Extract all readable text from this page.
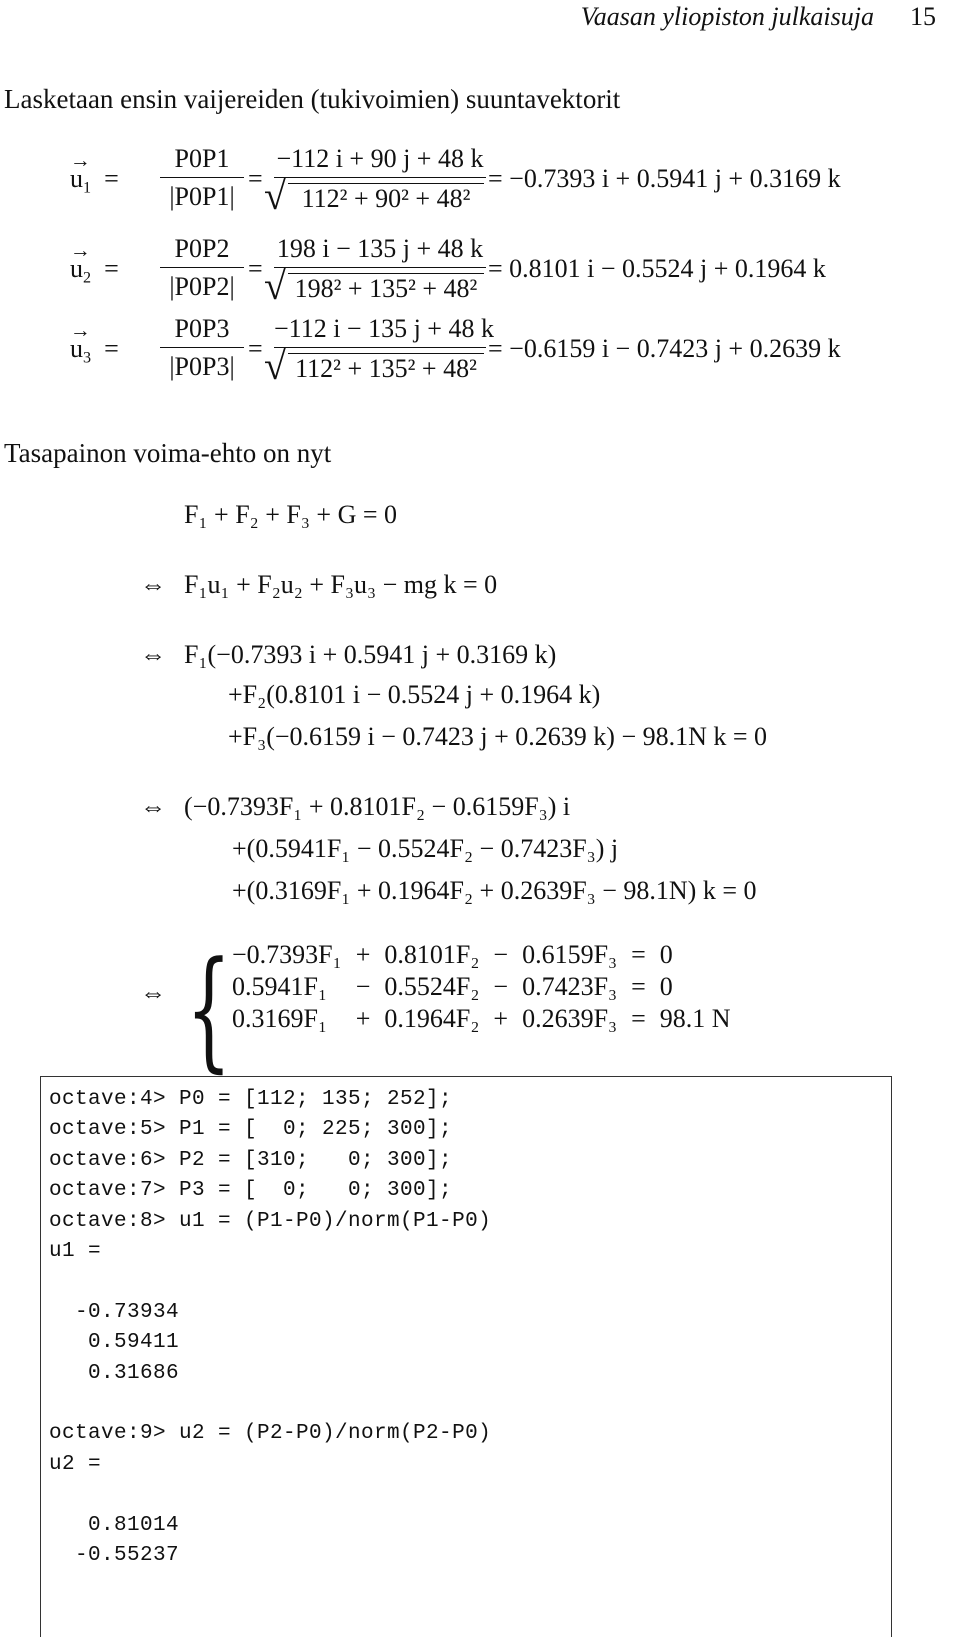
Vaasan yliopiston julkaisuja 15
Lasketaan ensin vaijereiden (tukivoimien) suuntavektorit
→ $u_1$  =
P0P1
|P0P1|
=
−112 i + 90 j + 48 k
√ 112² + 90² + 48²
= −0.7393 i + 0.5941 j + 0.3169 k
→ $u_2$  =
P0P2
|P0P2|
=
198 i − 135 j + 48 k
√ 198² + 135² + 48²
= 0.8101 i − 0.5524 j + 0.1964 k
→ $u_3$  =
P0P3
|P0P3|
=
−112 i − 135 j + 48 k
√ 112² + 135² + 48²
= −0.6159 i − 0.7423 j + 0.2639 k
Tasapainon voima-ehto on nyt
F₁ + F₂ + F₃ + G = 0
⇔ F₁u₁ + F₂u₂ + F₃u₃ − mg k = 0
⇔ F₁(−0.7393 i + 0.5941 j + 0.3169 k)
+F₂(0.8101 i − 0.5524 j + 0.1964 k)
+F₃(−0.6159 i − 0.7423 j + 0.2639 k) − 98.1N k = 0
⇔ (−0.7393F₁ + 0.8101F₂ − 0.6159F₃) i
+(0.5941F₁ − 0.5524F₂ − 0.7423F₃) j
+(0.3169F₁ + 0.1964F₂ + 0.2639F₃ − 98.1N) k = 0
⇔ { −0.7393F₁	+	0.8101F₂	−	0.6159F₃	=	0
0.5941F₁	−	0.5524F₂	−	0.7423F₃	=	0
0.3169F₁	+	0.1964F₂	+	0.2639F₃	=	98.1 N
octave:4> P0 = [112; 135; 252];
octave:5> P1 = [  0; 225; 300];
octave:6> P2 = [310;   0; 300];
octave:7> P3 = [  0;   0; 300];
octave:8> u1 = (P1-P0)/norm(P1-P0)
u1 =
-0.73934
0.59411
0.31686
octave:9> u2 = (P2-P0)/norm(P2-P0)
u2 =
0.81014
-0.55237
